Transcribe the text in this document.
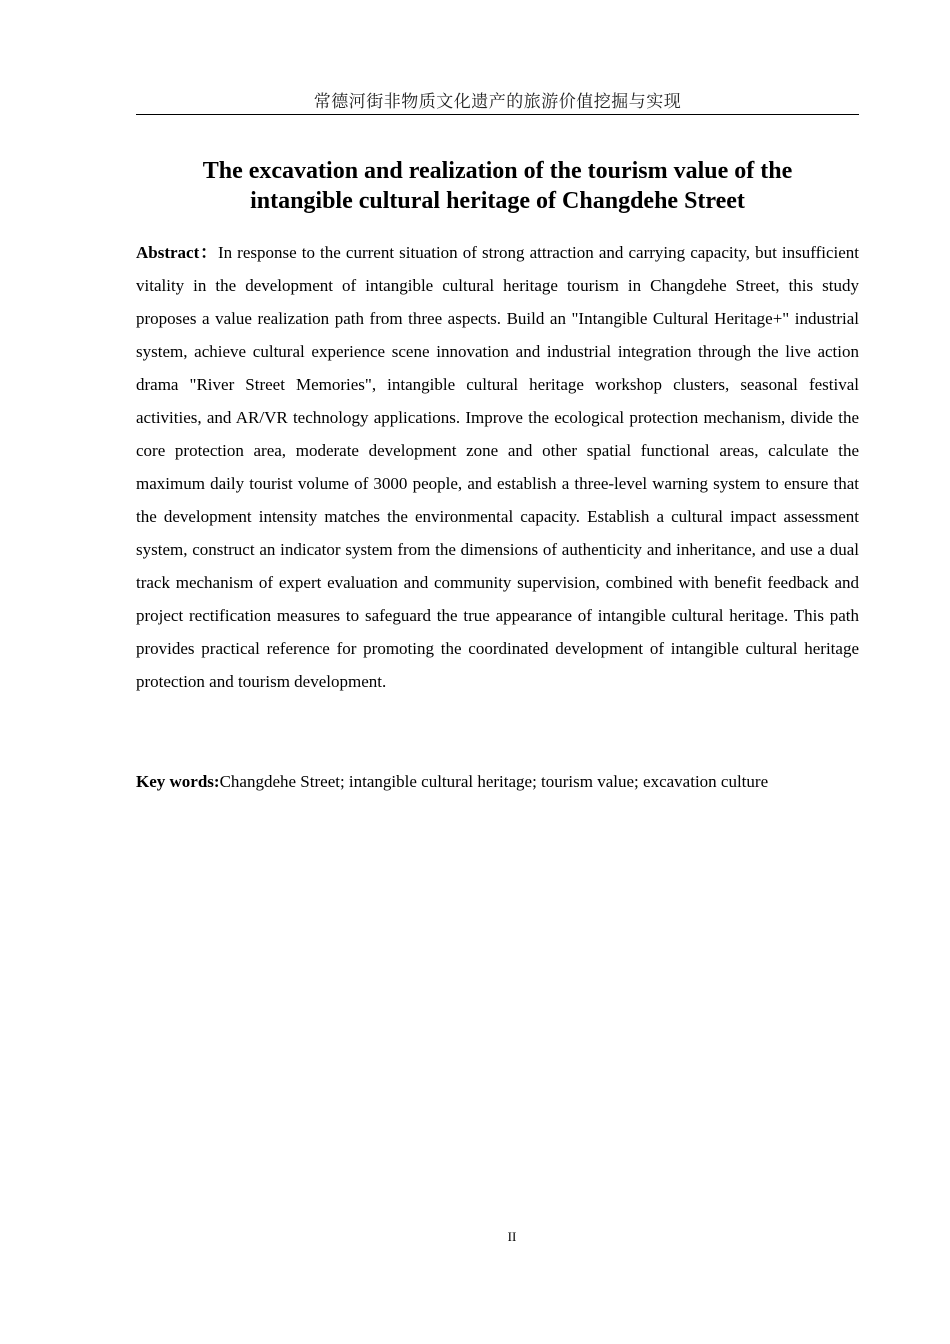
常德河街非物质文化遗产的旅游价值挖掘与实现
The excavation and realization of the tourism value of the
intangible cultural heritage of Changdehe Street

Abstract：In response to the current situation of strong attraction and carrying capacity, but insufficient vitality in the development of intangible cultural heritage tourism in Changdehe Street, this study proposes a value realization path from three aspects. Build an "Intangible Cultural Heritage+" industrial system, achieve cultural experience scene innovation and industrial integration through the live action drama "River Street Memories", intangible cultural heritage workshop clusters, seasonal festival activities, and AR/VR technology applications. Improve the ecological protection mechanism, divide the core protection area, moderate development zone and other spatial functional areas, calculate the maximum daily tourist volume of 3000 people, and establish a three-level warning system to ensure that the development intensity matches the environmental capacity. Establish a cultural impact assessment system, construct an indicator system from the dimensions of authenticity and inheritance, and use a dual track mechanism of expert evaluation and community supervision, combined with benefit feedback and project rectification measures to safeguard the true appearance of intangible cultural heritage. This path provides practical reference for promoting the coordinated development of intangible cultural heritage protection and tourism development.

Key words:Changdehe Street; intangible cultural heritage; tourism value; excavation culture

II
